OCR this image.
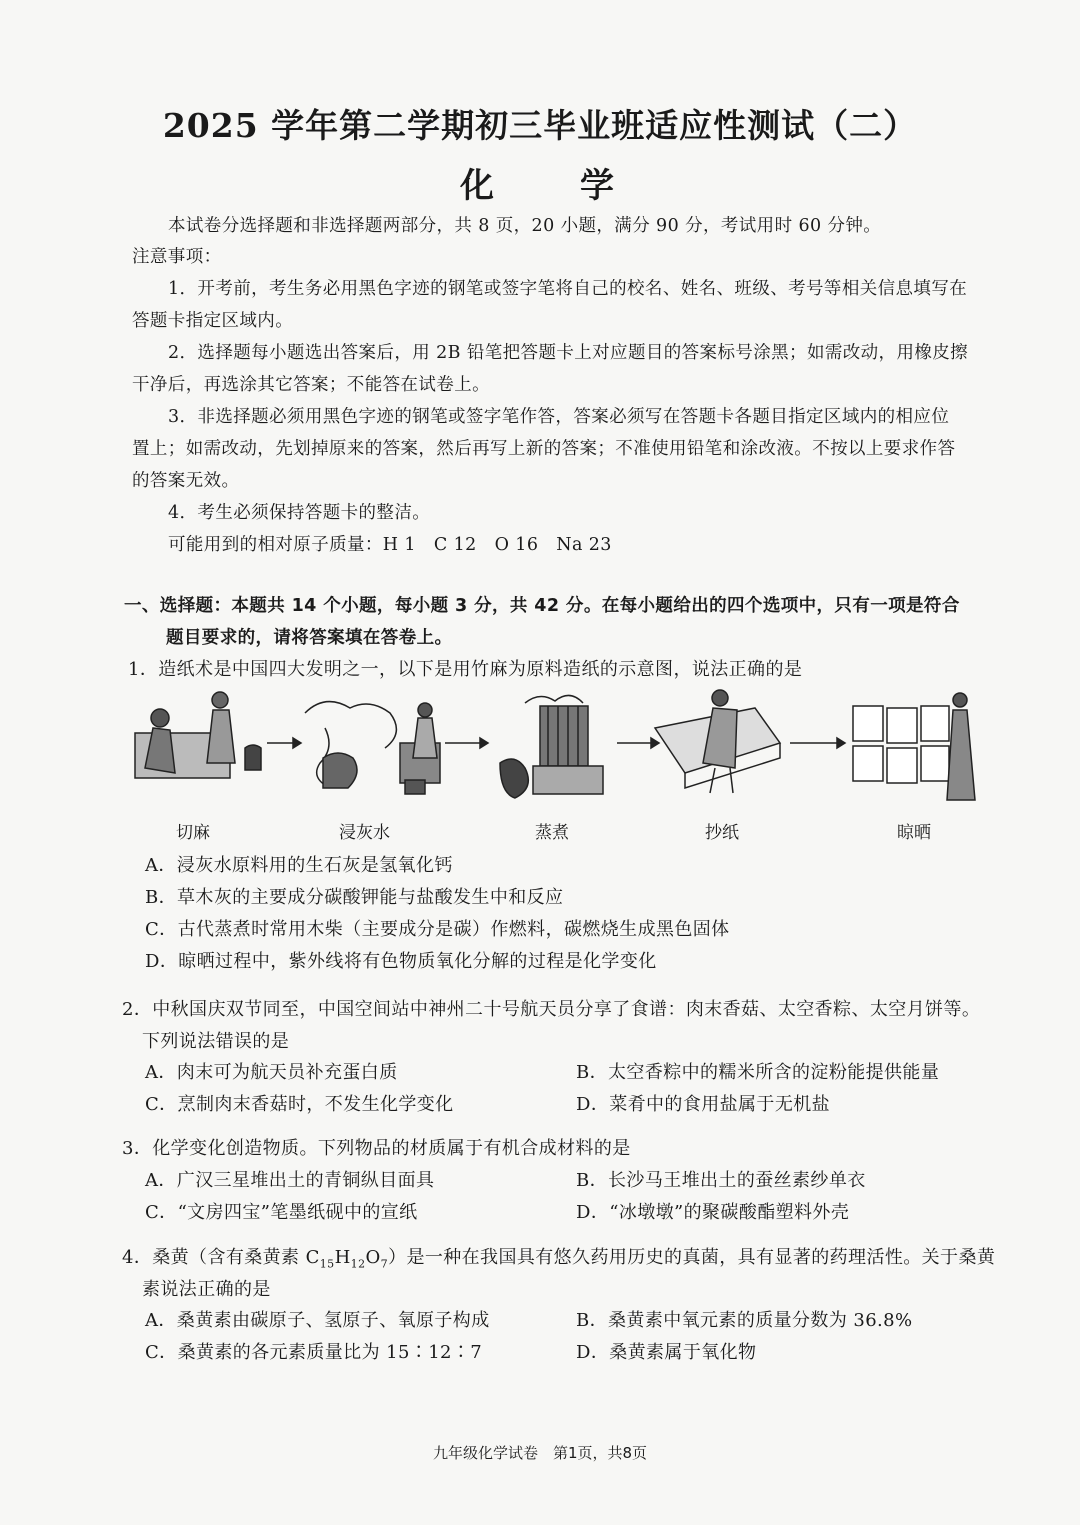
2025 学年第二学期初三毕业班适应性测试（二）
化　学
本试卷分选择题和非选择题两部分，共 8 页，20 小题，满分 90 分，考试用时 60 分钟。
注意事项：
1．开考前，考生务必用黑色字迹的钢笔或签字笔将自己的校名、姓名、班级、考号等相关信息填写在
答题卡指定区域内。
2．选择题每小题选出答案后，用 2B 铅笔把答题卡上对应题目的答案标号涂黑；如需改动，用橡皮擦
干净后，再选涂其它答案；不能答在试卷上。
3．非选择题必须用黑色字迹的钢笔或签字笔作答，答案必须写在答题卡各题目指定区域内的相应位
置上；如需改动，先划掉原来的答案，然后再写上新的答案；不准使用铅笔和涂改液。不按以上要求作答
的答案无效。
4．考生必须保持答题卡的整洁。
可能用到的相对原子质量：H 1　C 12　O 16　Na 23
一、选择题：本题共 14 个小题，每小题 3 分，共 42 分。在每小题给出的四个选项中，只有一项是符合
题目要求的，请将答案填在答卷上。
1．造纸术是中国四大发明之一，以下是用竹麻为原料造纸的示意图，说法正确的是
切麻	浸灰水	蒸煮	抄纸	晾晒
A．浸灰水原料用的生石灰是氢氧化钙
B．草木灰的主要成分碳酸钾能与盐酸发生中和反应
C．古代蒸煮时常用木柴（主要成分是碳）作燃料，碳燃烧生成黑色固体
D．晾晒过程中，紫外线将有色物质氧化分解的过程是化学变化
2．中秋国庆双节同至，中国空间站中神州二十号航天员分享了食谱：肉末香菇、太空香粽、太空月饼等。
下列说法错误的是
A．肉末可为航天员补充蛋白质	B．太空香粽中的糯米所含的淀粉能提供能量
C．烹制肉末香菇时，不发生化学变化	D．菜肴中的食用盐属于无机盐
3．化学变化创造物质。下列物品的材质属于有机合成材料的是
A．广汉三星堆出土的青铜纵目面具	B．长沙马王堆出土的蚕丝素纱单衣
C．“文房四宝”笔墨纸砚中的宣纸	D．“冰墩墩”的聚碳酸酯塑料外壳
4．桑黄（含有桑黄素 $C_{15}H_{12}O_7$）是一种在我国具有悠久药用历史的真菌，具有显著的药理活性。关于桑黄
素说法正确的是
A．桑黄素由碳原子、氢原子、氧原子构成	B．桑黄素中氧元素的质量分数为 36.8%
C．桑黄素的各元素质量比为 15∶12∶7	D．桑黄素属于氧化物
九年级化学试卷　第1页，共8页
